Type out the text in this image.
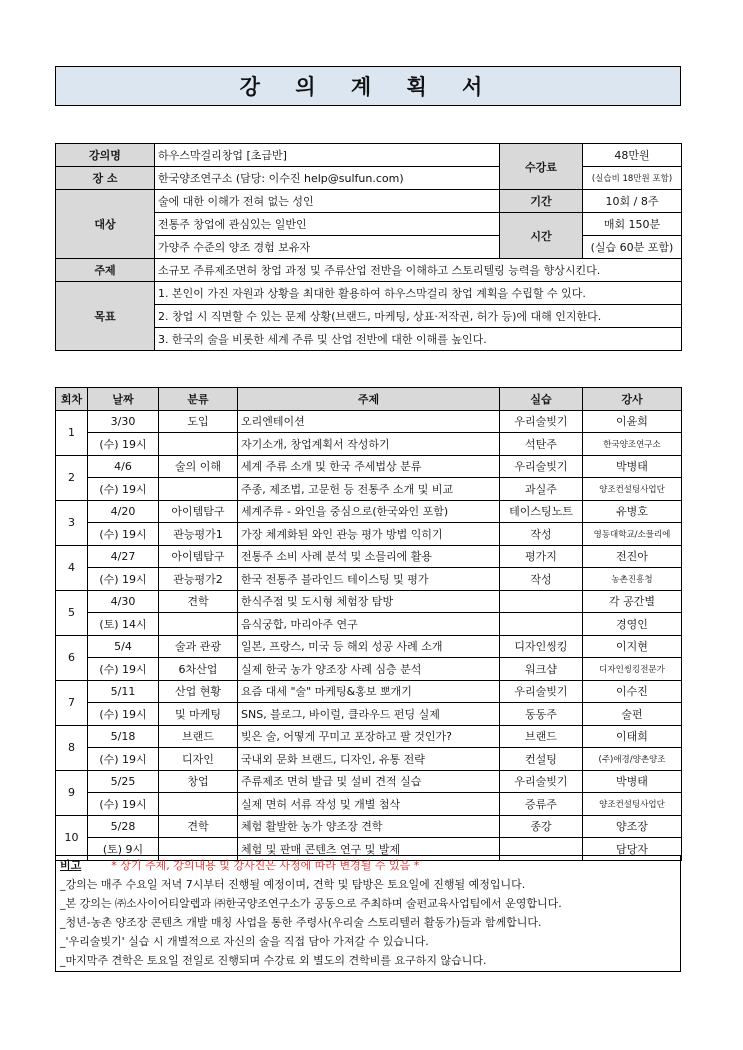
강 의 계 획 서
강의명	하우스막걸리창업 [초급반]	수강료	48만원
장 소	한국양조연구소 (담당: 이수진 help@sulfun.com)		(실습비 18만원 포함)
대상	술에 대한 이해가 전혀 없는 성인	기간	10회 / 8주
	전통주 창업에 관심있는 일반인	시간	매회 150분
	가양주 수준의 양조 경험 보유자		(실습 60분 포함)
주제	소규모 주류제조면허 창업 과정 및 주류산업 전반을 이해하고 스토리텔링 능력을 향상시킨다.		
목표	1. 본인이 가진 자원과 상황을 최대한 활용하여 하우스막걸리 창업 계획을 수립할 수 있다.		
	2. 창업 시 직면할 수 있는 문제 상황(브랜드, 마케팅, 상표·저작권, 허가 등)에 대해 인지한다.		
	3. 한국의 술을 비롯한 세계 주류 및 산업 전반에 대한 이해를 높인다.		
회차	날짜	분류	주제	실습	강사
1	3/30	도입	오리엔테이션	우리술빚기	이윤희
	(수) 19시		자기소개, 창업계획서 작성하기	석탄주	한국양조연구소
2	4/6	술의 이해	세계 주류 소개 및 한국 주세법상 분류	우리술빚기	박병태
	(수) 19시		주종, 제조법, 고문헌 등 전통주 소개 및 비교	과실주	양조컨설팅사업단
3	4/20	아이템탐구	세계주류 - 와인을 중심으로(한국와인 포함)	테이스팅노트	유병호
	(수) 19시	관능평가1	가장 체계화된 와인 관능 평가 방법 익히기	작성	영동대학교/소믈리에
4	4/27	아이템탐구	전통주 소비 사례 분석 및 소믈리에 활용	평가지	전진아
	(수) 19시	관능평가2	한국 전통주 블라인드 테이스팅 및 평가	작성	농촌진흥청
5	4/30	견학	한식주점 및 도시형 체험장 탐방		각 공간별
	(토) 14시		음식궁합, 마리아주 연구		경영인
6	5/4	술과 관광	일본, 프랑스, 미국 등 해외 성공 사례 소개	디자인씽킹	이지현
	(수) 19시	6차산업	실제 한국 농가 양조장 사례 심층 분석	워크샵	디자인씽킹전문가
7	5/11	산업 현황	요즘 대세 "술" 마케팅&홍보 뽀개기	우리술빚기	이수진
	(수) 19시	및 마케팅	SNS, 블로그, 바이럴, 클라우드 펀딩 실제	동동주	술펀
8	5/18	브랜드	빚은 술, 어떻게 꾸미고 포장하고 팔 것인가?	브랜드	이태희
	(수) 19시	디자인	국내외 문화 브랜드, 디자인, 유통 전략	컨설팅	(주)애경/양촌양조
9	5/25	창업	주류제조 면허 발급 및 설비 견적 실습	우리술빚기	박병태
	(수) 19시		실제 면허 서류 작성 및 개별 첨삭	증류주	양조컨설팅사업단
10	5/28	견학	체험 활발한 농가 양조장 견학	종강	양조장
	(토) 9시		체험 및 판매 콘텐츠 연구 및 발제		담당자
비고	* 상기 주제, 강의내용 및 강사진은 사정에 따라 변경될 수 있음 *
_강의는 매주 수요일 저녁 7시부터 진행될 예정이며, 견학 및 탐방은 토요일에 진행될 예정입니다.
_본 강의는 ㈜소사이어티알렙과 ㈜한국양조연구소가 공동으로 주최하며 술펀교육사업팀에서 운영합니다.
_청년-농촌 양조장 콘텐츠 개발 매칭 사업을 통한 주령사(우리술 스토리텔러 활동가)들과 함께합니다.
_'우리술빚기' 실습 시 개별적으로 자신의 술을 직접 담아 가져갈 수 있습니다.
_마지막주 견학은 토요일 전일로 진행되며 수강료 외 별도의 견학비를 요구하지 않습니다.
